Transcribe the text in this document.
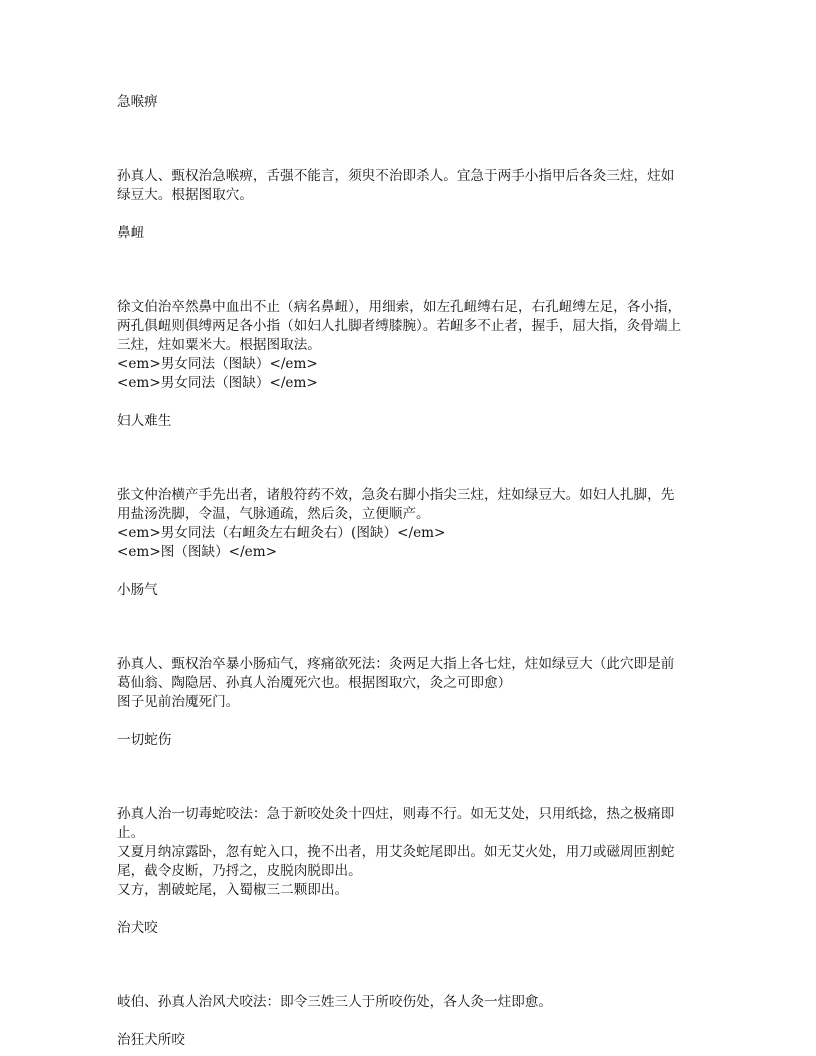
急喉痹
孙真人、甄权治急喉痹，舌强不能言，须臾不治即杀人。宜急于两手小指甲后各灸三炷，炷如
绿豆大。根据图取穴。
鼻衄
徐文伯治卒然鼻中血出不止（病名鼻衄），用细索，如左孔衄缚右足，右孔衄缚左足，各小指，
两孔俱衄则俱缚两足各小指（如妇人扎脚者缚膝腕）。若衄多不止者，握手，屈大指，灸骨端上
三炷，炷如粟米大。根据图取法。
<em>男女同法（图缺）</em>
<em>男女同法（图缺）</em>
妇人难生
张文仲治横产手先出者，诸般符药不效，急灸右脚小指尖三炷，炷如绿豆大。如妇人扎脚，先
用盐汤洗脚，令温，气脉通疏，然后灸，立便顺产。
<em>男女同法（右衄灸左右衄灸右）(图缺）</em>
<em>图（图缺）</em>
小肠气
孙真人、甄权治卒暴小肠疝气，疼痛欲死法：灸两足大指上各七炷，炷如绿豆大（此穴即是前
葛仙翁、陶隐居、孙真人治魇死穴也。根据图取穴，灸之可即愈）
图子见前治魇死门。
一切蛇伤
孙真人治一切毒蛇咬法：急于新咬处灸十四炷，则毒不行。如无艾处，只用纸捻，热之极痛即
止。
又夏月纳凉露卧，忽有蛇入口，挽不出者，用艾灸蛇尾即出。如无艾火处，用刀或磁周匝割蛇
尾，截令皮断，乃捋之，皮脱肉脱即出。
又方，割破蛇尾，入蜀椒三二颗即出。
治犬咬
岐伯、孙真人治风犬咬法：即令三姓三人于所咬伤处，各人灸一炷即愈。
治狂犬所咬
